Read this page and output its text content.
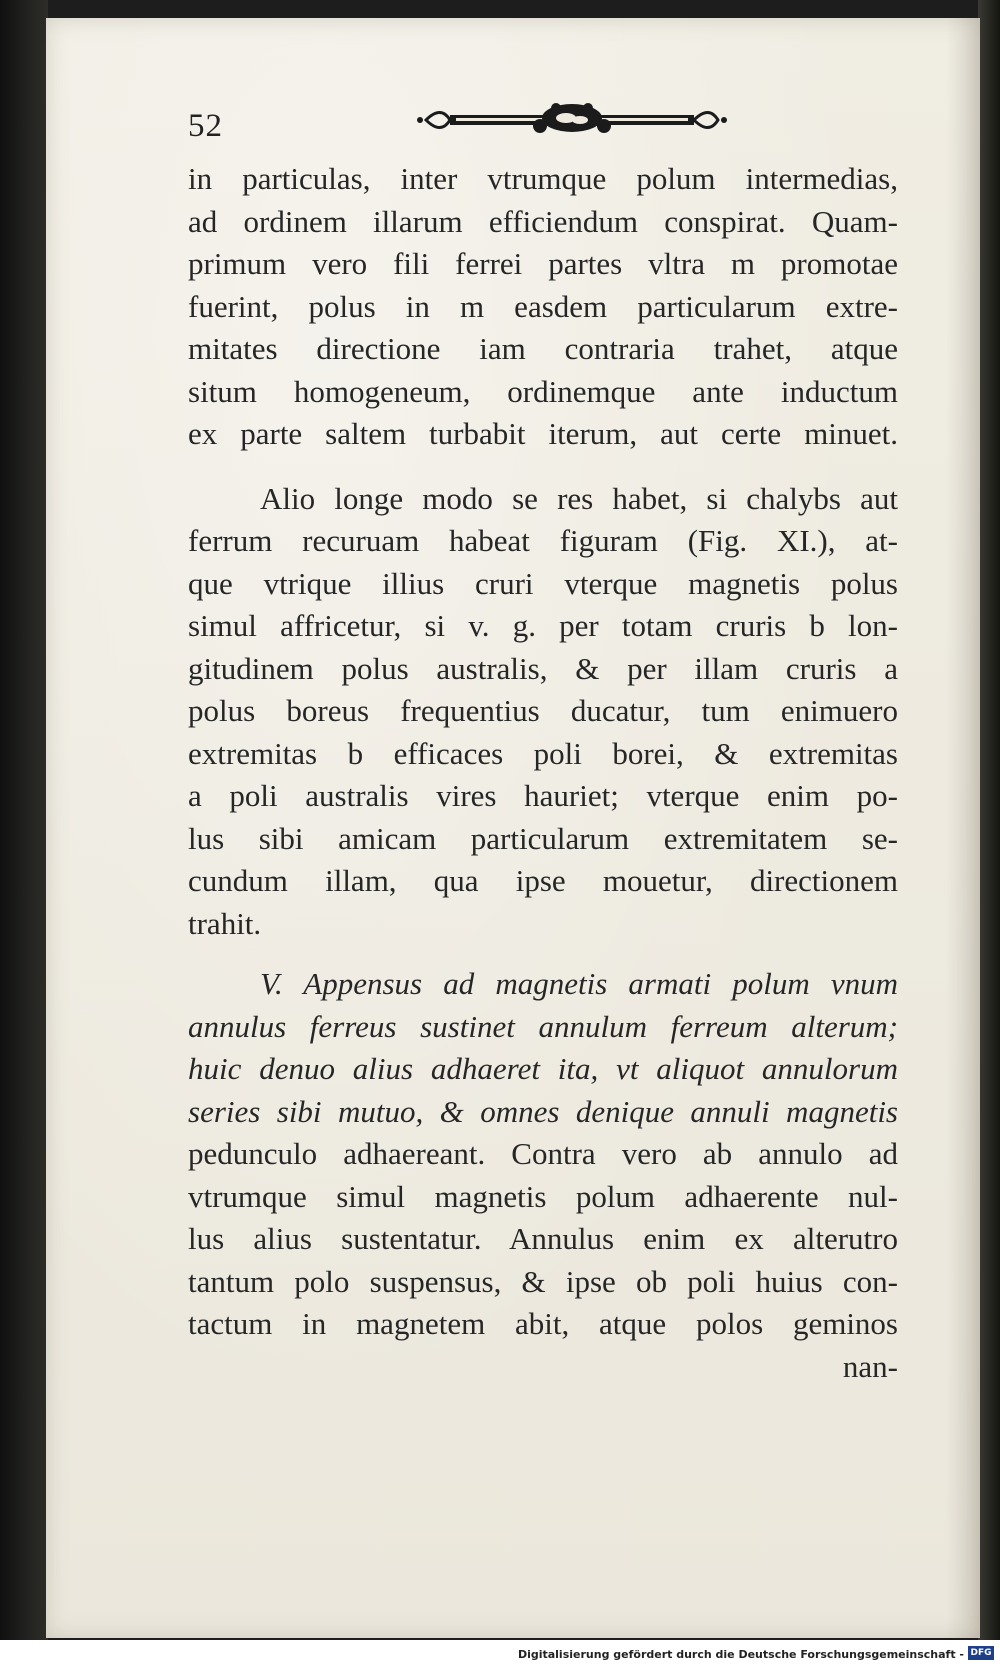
52
in particulas, inter vtrumque polum intermedias,
ad ordinem illarum efficiendum conspirat. Quam-
primum vero fili ferrei partes vltra m promotae
fuerint, polus in m easdem particularum extre-
mitates directione iam contraria trahet, atque
situm homogeneum, ordinemque ante inductum
ex parte saltem turbabit iterum, aut certe minuet.
Alio longe modo se res habet, si chalybs aut
ferrum recuruam habeat figuram (Fig. XI.), at-
que vtrique illius cruri vterque magnetis polus
simul affricetur, si v. g. per totam cruris b lon-
gitudinem polus australis, & per illam cruris a
polus boreus frequentius ducatur, tum enimuero
extremitas b efficaces poli borei, & extremitas
a poli australis vires hauriet; vterque enim po-
lus sibi amicam particularum extremitatem se-
cundum illam, qua ipse mouetur, directionem
trahit.
V. Appensus ad magnetis armati polum vnum
annulus ferreus sustinet annulum ferreum alterum;
huic denuo alius adhaeret ita, vt aliquot annulorum
series sibi mutuo, & omnes denique annuli magnetis
pedunculo adhaereant. Contra vero ab annulo ad
vtrumque simul magnetis polum adhaerente nul-
lus alius sustentatur. Annulus enim ex alterutro
tantum polo suspensus, & ipse ob poli huius con-
tactum in magnetem abit, atque polos geminos
nan-
Digitalisierung gefördert durch die Deutsche Forschungsgemeinschaft - DFG
